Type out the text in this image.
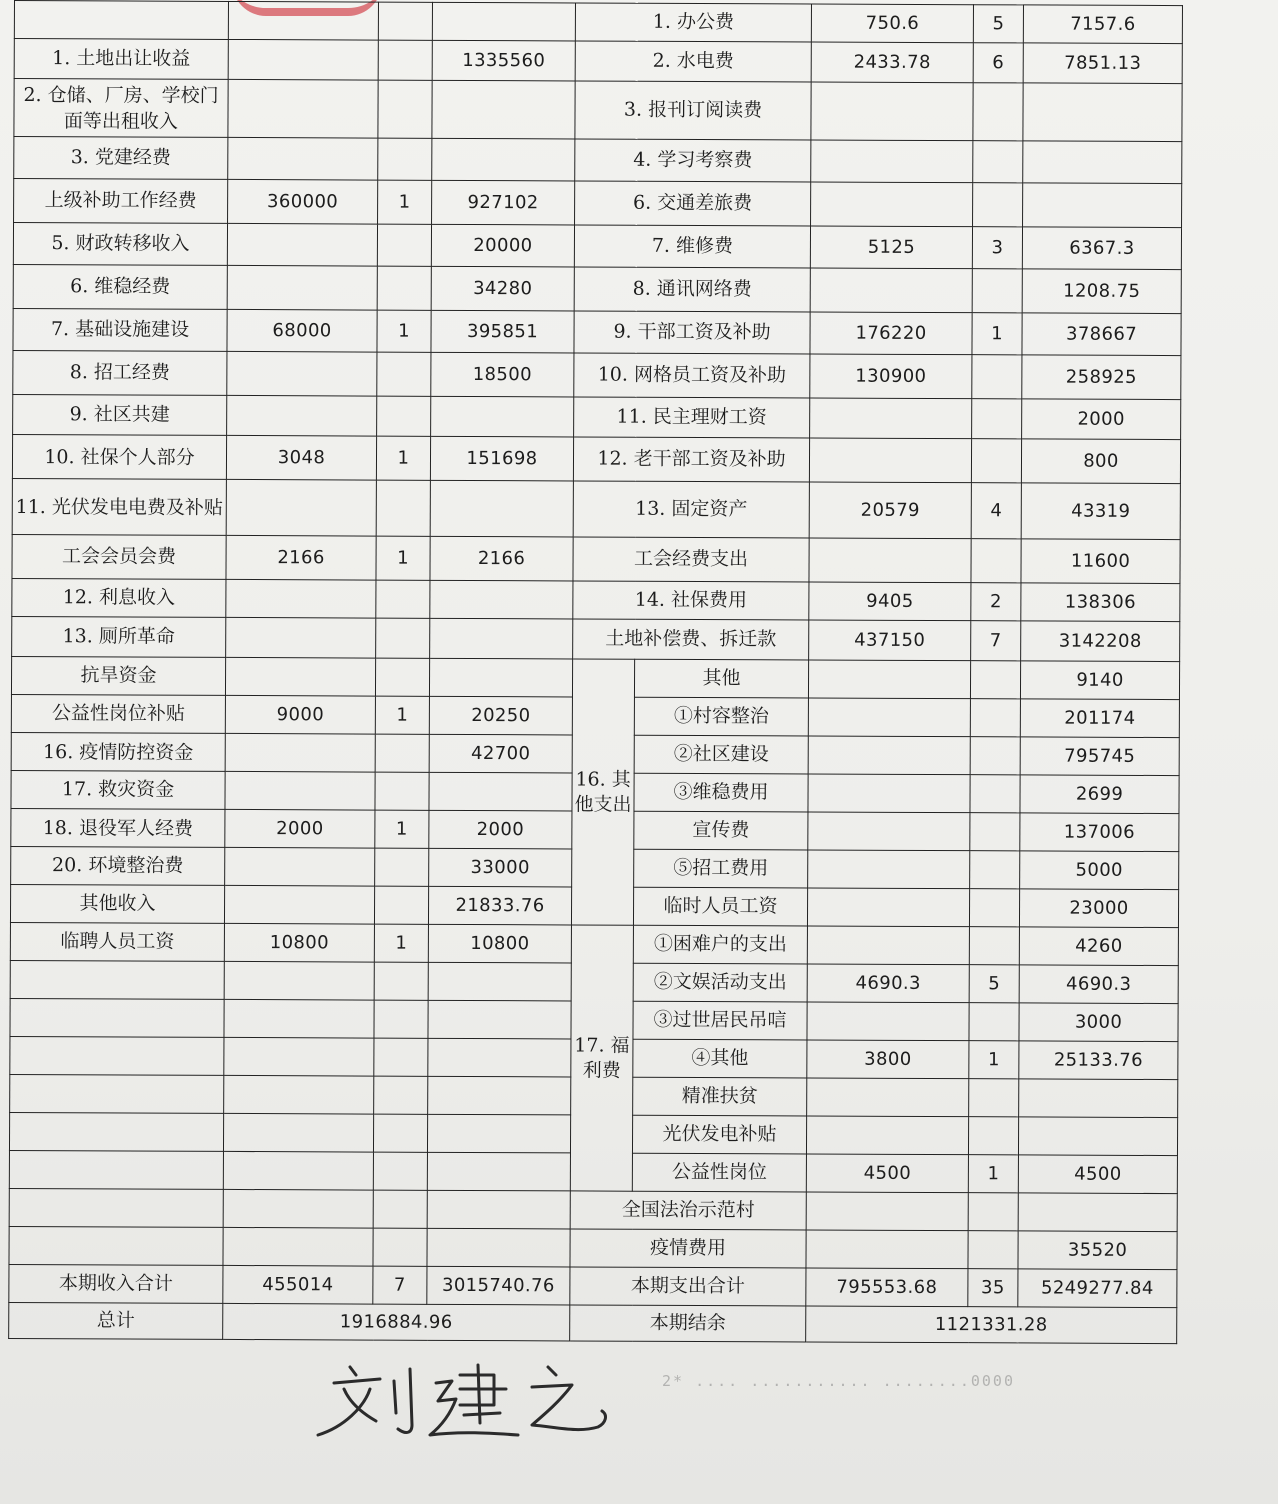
				1. 办公费		750.6	5	7157.6
1. 土地出让收益			1335560	2. 水电费		2433.78	6	7851.13
2. 仓储、厂房、学校门面等出租收入				3. 报刊订阅读费				
3. 党建经费				4. 学习考察费				
上级补助工作经费	360000	1	927102	6. 交通差旅费				
5. 财政转移收入			20000	7. 维修费		5125	3	6367.3
6. 维稳经费			34280	8. 通讯网络费				1208.75
7. 基础设施建设	68000	1	395851	9. 干部工资及补助		176220	1	378667
8. 招工经费			18500	10. 网格员工资及补助		130900		258925
9. 社区共建				11. 民主理财工资				2000
10. 社保个人部分	3048	1	151698	12. 老干部工资及补助				800
11. 光伏发电电费及补贴				13. 固定资产		20579	4	43319
工会会员会费	2166	1	2166	工会经费支出				11600
12. 利息收入				14. 社保费用		9405	2	138306
13. 厕所革命				土地补偿费、拆迁款		437150	7	3142208
抗旱资金				16. 其他支出	其他			9140
公益性岗位补贴	9000	1	20250		①村容整治			201174
16. 疫情防控资金			42700		②社区建设			795745
17. 救灾资金					③维稳费用			2699
18. 退役军人经费	2000	1	2000		宣传费			137006
20. 环境整治费			33000		⑤招工费用			5000
其他收入			21833.76		临时人员工资			23000
临聘人员工资	10800	1	10800	17. 福利费	①困难户的支出			4260
					②文娱活动支出	4690.3	5	4690.3
					③过世居民吊唁			3000
					④其他	3800	1	25133.76
					精准扶贫			
					光伏发电补贴			
					公益性岗位	4500	1	4500
				全国法治示范村				
				疫情费用				35520
本期收入合计	455014	7	3015740.76	本期支出合计		795553.68	35	5249277.84
总计	1916884.96			本期结余		1121331.28		
2* .... ........... ........0000
